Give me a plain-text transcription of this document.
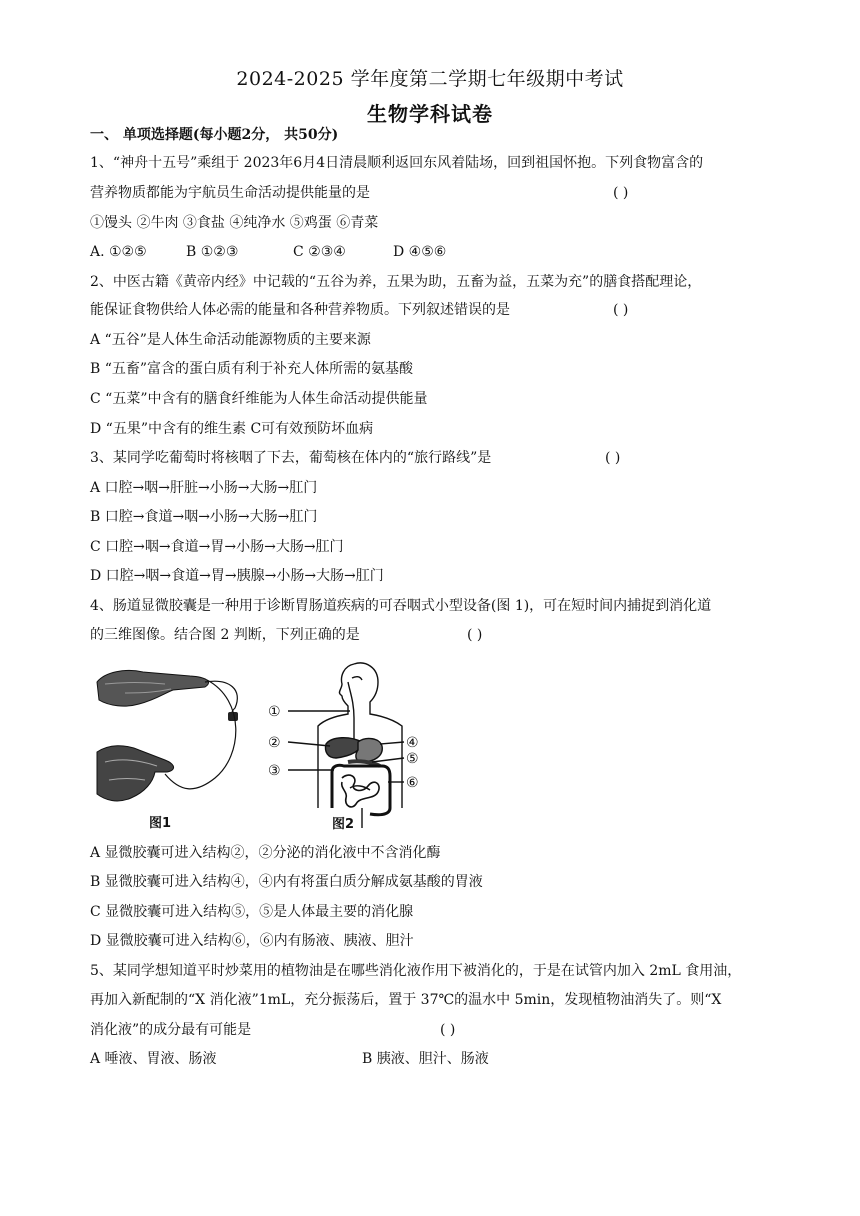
2024-2025 学年度第二学期七年级期中考试
生物学科试卷
一、 单项选择题(每小题2分， 共50分)
1、“神舟十五号”乘组于 2023年6月4日清晨顺利返回东风着陆场，回到祖国怀抱。下列食物富含的
营养物质都能为宇航员生命活动提供能量的是	( )
①馒头 ②牛肉 ③食盐 ④纯净水 ⑤鸡蛋 ⑥青菜
A. ①②⑤	B ①②③	C ②③④	D ④⑤⑥
2、中医古籍《黄帝内经》中记载的“五谷为养，五果为助，五畜为益，五菜为充”的膳食搭配理论，
能保证食物供给人体必需的能量和各种营养物质。下列叙述错误的是	( )
A “五谷”是人体生命活动能源物质的主要来源
B “五畜”富含的蛋白质有利于补充人体所需的氨基酸
C “五菜”中含有的膳食纤维能为人体生命活动提供能量
D “五果”中含有的维生素 C可有效预防坏血病
3、某同学吃葡萄时将核咽了下去，葡萄核在体内的“旅行路线”是	( )
A 口腔→咽→肝脏→小肠→大肠→肛门
B 口腔→食道→咽→小肠→大肠→肛门
C 口腔→咽→食道→胃→小肠→大肠→肛门
D 口腔→咽→食道→胃→胰腺→小肠→大肠→肛门
4、肠道显微胶囊是一种用于诊断胃肠道疾病的可吞咽式小型设备(图 1)，可在短时间内捕捉到消化道
的三维图像。结合图 2 判断，下列正确的是	( )
图1
①
②
③
④
⑤
⑥
图2
A 显微胶囊可进入结构②，②分泌的消化液中不含消化酶
B 显微胶囊可进入结构④，④内有将蛋白质分解成氨基酸的胃液
C 显微胶囊可进入结构⑤，⑤是人体最主要的消化腺
D 显微胶囊可进入结构⑥，⑥内有肠液、胰液、胆汁
5、某同学想知道平时炒菜用的植物油是在哪些消化液作用下被消化的，于是在试管内加入 2mL 食用油，
再加入新配制的“X 消化液”1mL，充分振荡后，置于 37℃的温水中 5min，发现植物油消失了。则“X
消化液”的成分最有可能是	( )
A 唾液、胃液、肠液	B 胰液、胆汁、肠液
